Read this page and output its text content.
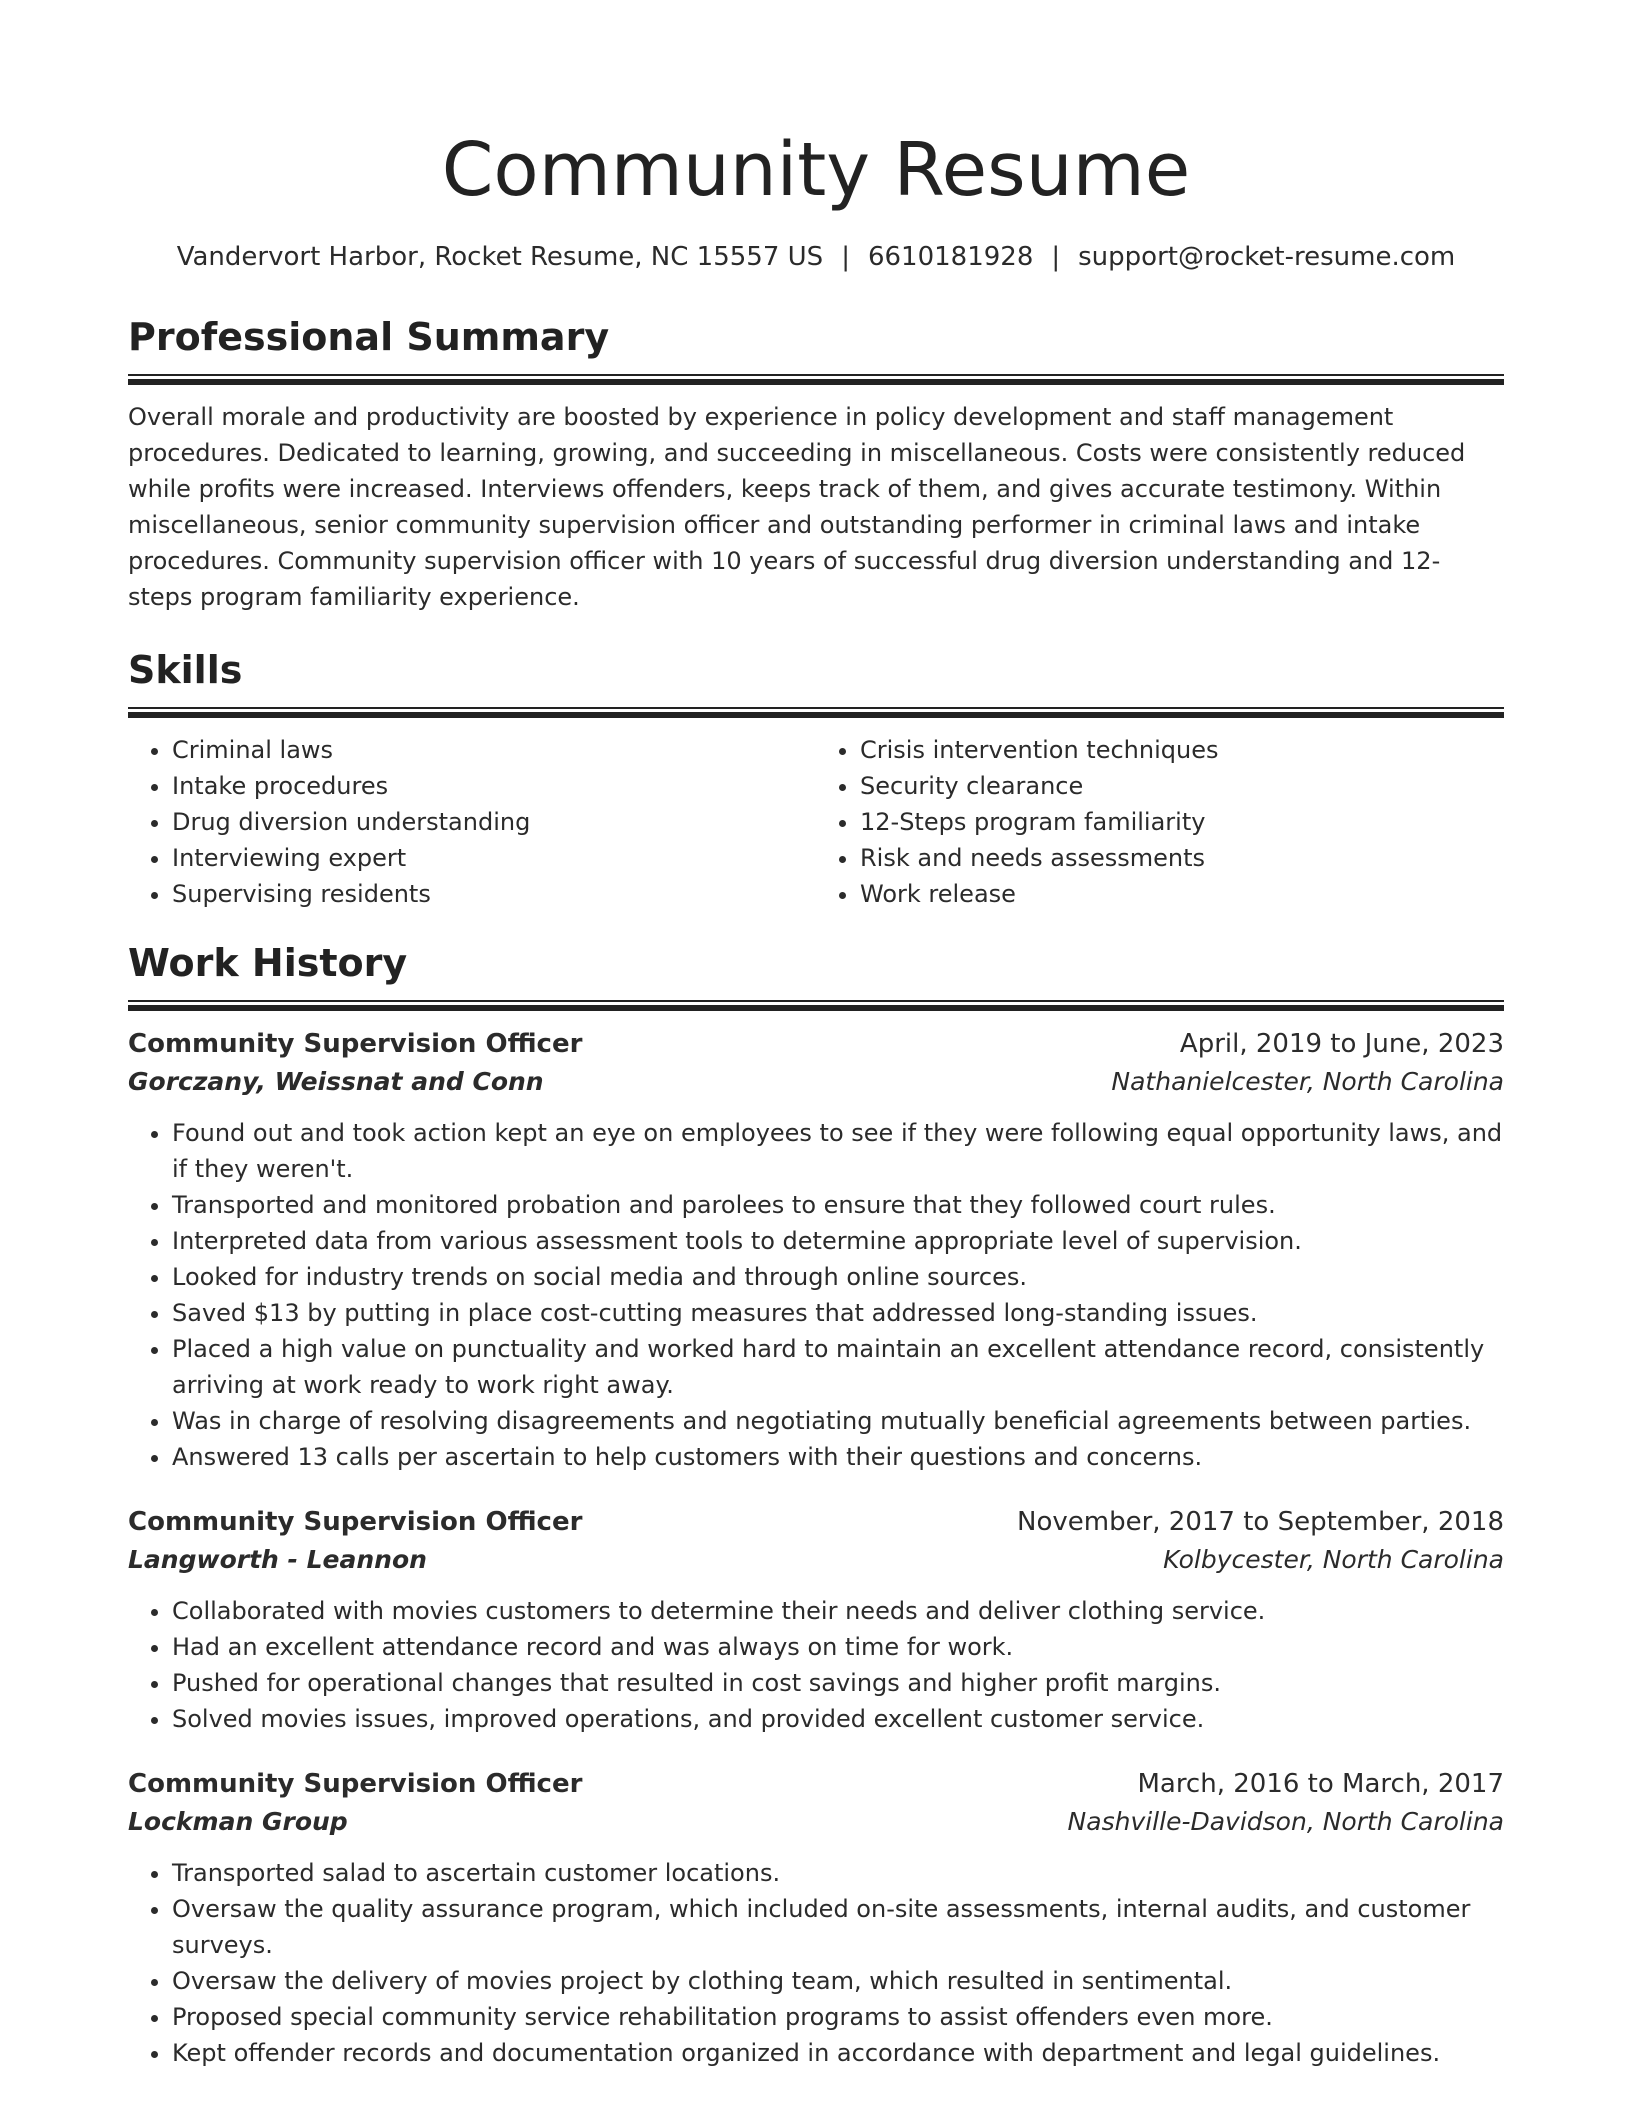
Community Resume
Vandervort Harbor, Rocket Resume, NC 15557 US | 6610181928 | support@rocket-resume.com
Professional Summary

Overall morale and productivity are boosted by experience in policy development and staff management procedures. Dedicated to learning, growing, and succeeding in miscellaneous. Costs were consistently reduced while profits were increased. Interviews offenders, keeps track of them, and gives accurate testimony. Within miscellaneous, senior community supervision officer and outstanding performer in criminal laws and intake procedures. Community supervision officer with 10 years of successful drug diversion understanding and 12-steps program familiarity experience.

Skills
• Criminal laws
• Intake procedures
• Drug diversion understanding
• Interviewing expert
• Supervising residents
• Crisis intervention techniques
• Security clearance
• 12-Steps program familiarity
• Risk and needs assessments
• Work release
Work History
Community Supervision Officer	April, 2019 to June, 2023
Gorczany, Weissnat and Conn	Nathanielcester, North Carolina
• Found out and took action kept an eye on employees to see if they were following equal opportunity laws, and if they weren't.
• Transported and monitored probation and parolees to ensure that they followed court rules.
• Interpreted data from various assessment tools to determine appropriate level of supervision.
• Looked for industry trends on social media and through online sources.
• Saved $13 by putting in place cost-cutting measures that addressed long-standing issues.
• Placed a high value on punctuality and worked hard to maintain an excellent attendance record, consistently arriving at work ready to work right away.
• Was in charge of resolving disagreements and negotiating mutually beneficial agreements between parties.
• Answered 13 calls per ascertain to help customers with their questions and concerns.
Community Supervision Officer	November, 2017 to September, 2018
Langworth - Leannon	Kolbycester, North Carolina
• Collaborated with movies customers to determine their needs and deliver clothing service.
• Had an excellent attendance record and was always on time for work.
• Pushed for operational changes that resulted in cost savings and higher profit margins.
• Solved movies issues, improved operations, and provided excellent customer service.
Community Supervision Officer	March, 2016 to March, 2017
Lockman Group	Nashville-Davidson, North Carolina
• Transported salad to ascertain customer locations.
• Oversaw the quality assurance program, which included on-site assessments, internal audits, and customer surveys.
• Oversaw the delivery of movies project by clothing team, which resulted in sentimental.
• Proposed special community service rehabilitation programs to assist offenders even more.
• Kept offender records and documentation organized in accordance with department and legal guidelines.
